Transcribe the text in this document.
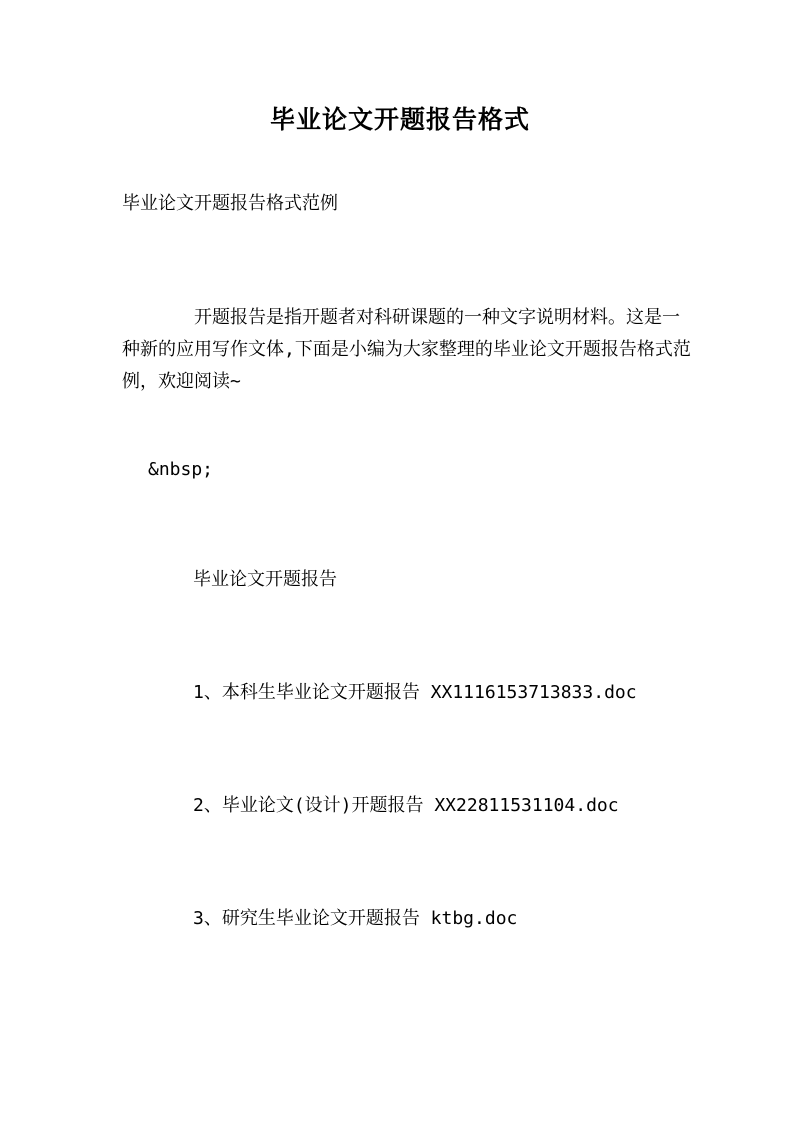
毕业论文开题报告格式

毕业论文开题报告格式范例

开题报告是指开题者对科研课题的一种文字说明材料。这是一种新的应用写作文体,下面是小编为大家整理的毕业论文开题报告格式范例，欢迎阅读~

&nbsp;

毕业论文开题报告

1、本科生毕业论文开题报告 XX1116153713833.doc

2、毕业论文(设计)开题报告 XX22811531104.doc

3、研究生毕业论文开题报告 ktbg.doc
